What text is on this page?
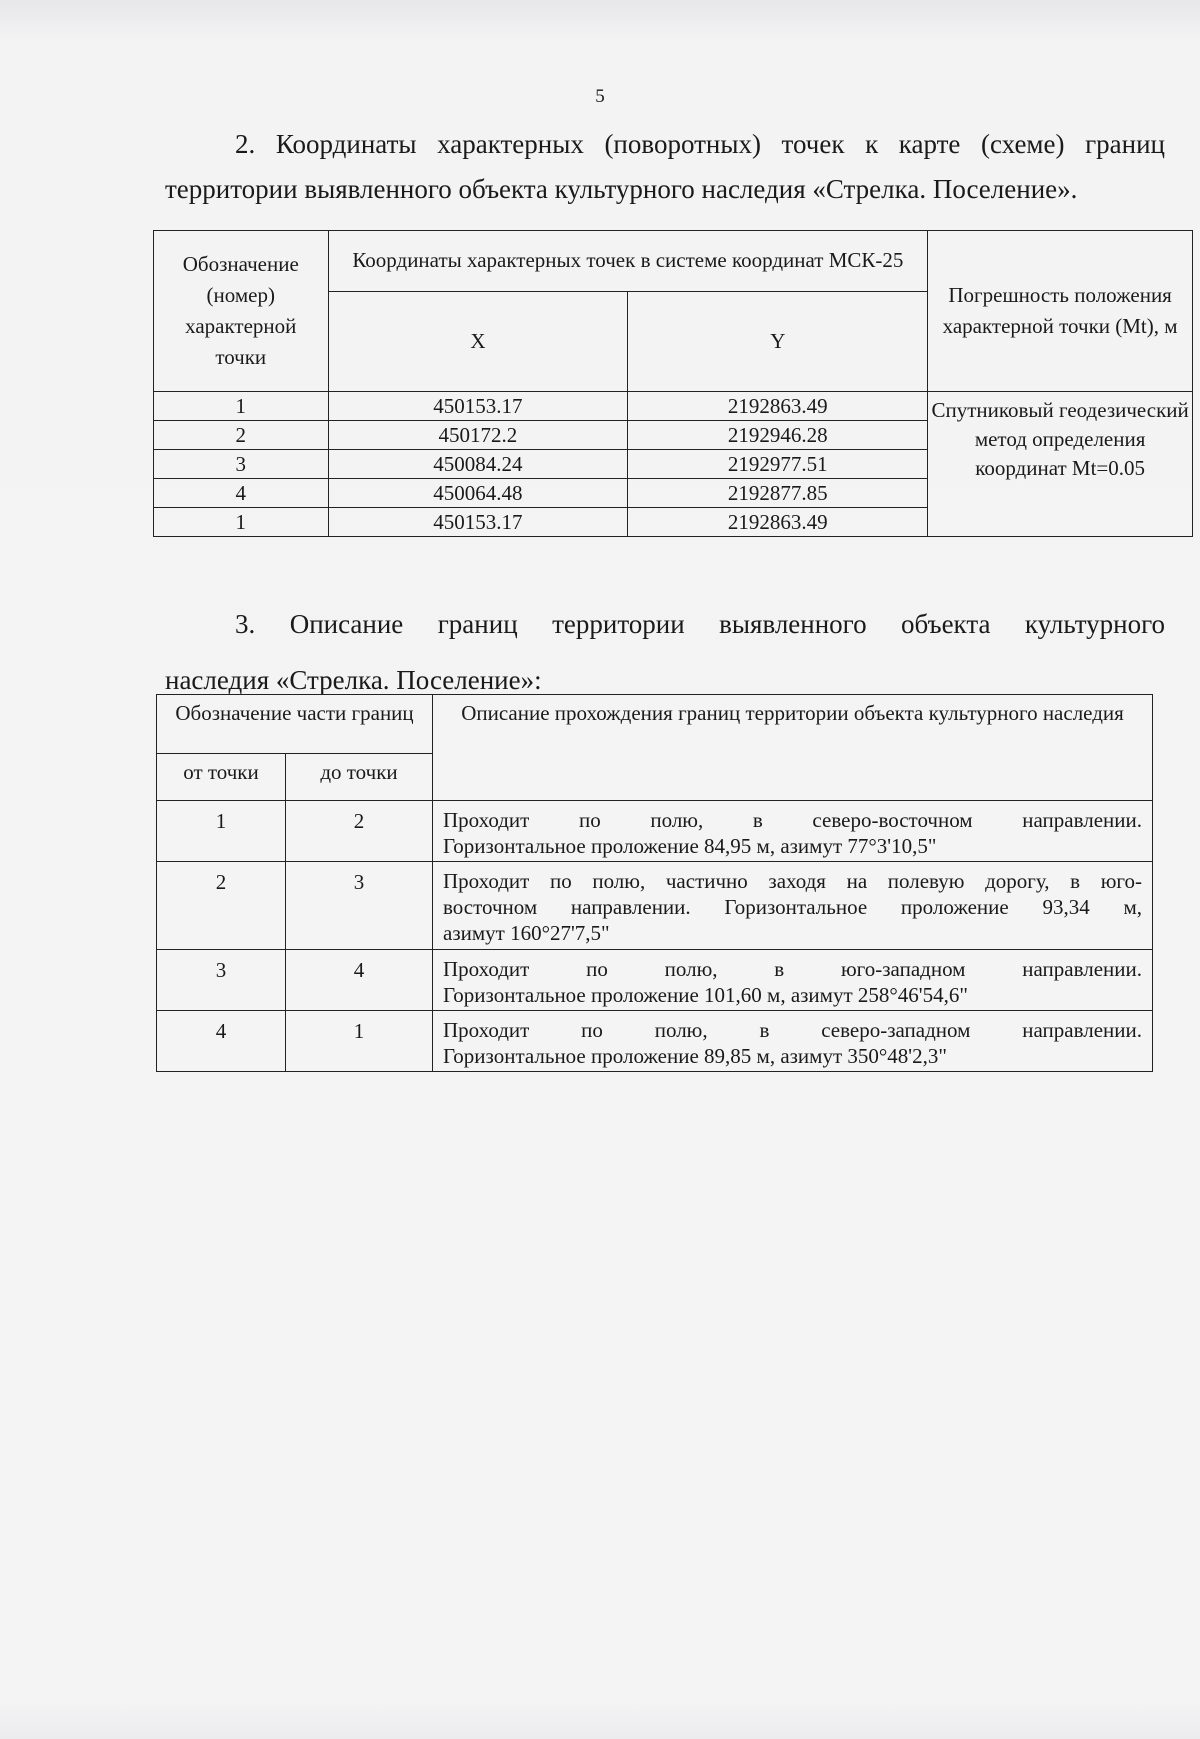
5
2. Координаты характерных (поворотных) точек к карте (схеме) границ
территории выявленного объекта культурного наследия «Стрелка. Поселение».
Обозначение (номер) характерной точки	Координаты характерных точек в системе координат МСК-25		Погрешность положения характерной точки (Mt), м
	X	Y	
1	450153.17	2192863.49	Спутниковый геодезический метод определения координат Mt=0.05
2	450172.2	2192946.28	
3	450084.24	2192977.51	
4	450064.48	2192877.85	
1	450153.17	2192863.49	
3. Описание границ территории выявленного объекта культурного
наследия «Стрелка. Поселение»:
Обозначение части границ		Описание прохождения границ территории объекта культурного наследия
от точки	до точки	
1	2	Проходит по полю, в северо-восточном направлении.
Горизонтальное проложение 84,95 м, азимут 77°3'10,5"

2	3	Проходит по полю, частично заходя на полевую дорогу, в юго-
восточном направлении. Горизонтальное проложение 93,34 м,
азимут 160°27'7,5"

3	4	Проходит по полю, в юго-западном направлении.
Горизонтальное проложение 101,60 м, азимут 258°46'54,6"

4	1	Проходит по полю, в северо-западном направлении.
Горизонтальное проложение 89,85 м, азимут 350°48'2,3"
